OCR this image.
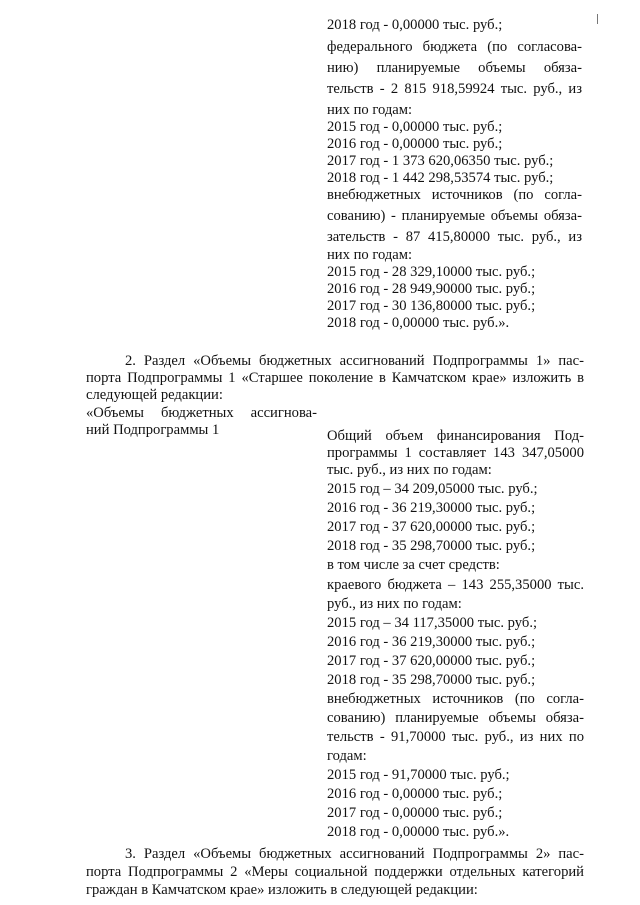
2018 год - 0,00000 тыс. руб.;
федерального бюджета (по согласова-
нию) планируемые объемы обяза-
тельств - 2 815 918,59924 тыс. руб., из
них по годам:
2015 год - 0,00000 тыс. руб.;
2016 год - 0,00000 тыс. руб.;
2017 год - 1 373 620,06350 тыс. руб.;
2018 год - 1 442 298,53574 тыс. руб.;
внебюджетных источников (по согла-
сованию) - планируемые объемы обяза-
зательств - 87 415,80000 тыс. руб., из
них по годам:
2015 год - 28 329,10000 тыс. руб.;
2016 год - 28 949,90000 тыс. руб.;
2017 год - 30 136,80000 тыс. руб.;
2018 год - 0,00000 тыс. руб.».
2. Раздел «Объемы бюджетных ассигнований Подпрограммы 1» пас-
порта Подпрограммы 1 «Старшее поколение в Камчатском крае» изложить в
следующей редакции:
«Объемы бюджетных ассигнова-
ний Подпрограммы 1	Общий объем финансирования Под-
программы 1 составляет 143 347,05000
тыс. руб., из них по годам:
2015 год – 34 209,05000 тыс. руб.;
2016 год - 36 219,30000 тыс. руб.;
2017 год - 37 620,00000 тыс. руб.;
2018 год - 35 298,70000 тыс. руб.;
в том числе за счет средств:
краевого бюджета – 143 255,35000 тыс.
руб., из них по годам:
2015 год – 34 117,35000 тыс. руб.;
2016 год - 36 219,30000 тыс. руб.;
2017 год - 37 620,00000 тыс. руб.;
2018 год - 35 298,70000 тыс. руб.;
внебюджетных источников (по согла-
сованию) планируемые объемы обяза-
тельств - 91,70000 тыс. руб., из них по
годам:
2015 год - 91,70000 тыс. руб.;
2016 год - 0,00000 тыс. руб.;
2017 год - 0,00000 тыс. руб.;
2018 год - 0,00000 тыс. руб.».
3. Раздел «Объемы бюджетных ассигнований Подпрограммы 2» пас-
порта Подпрограммы 2 «Меры социальной поддержки отдельных категорий
граждан в Камчатском крае» изложить в следующей редакции:
